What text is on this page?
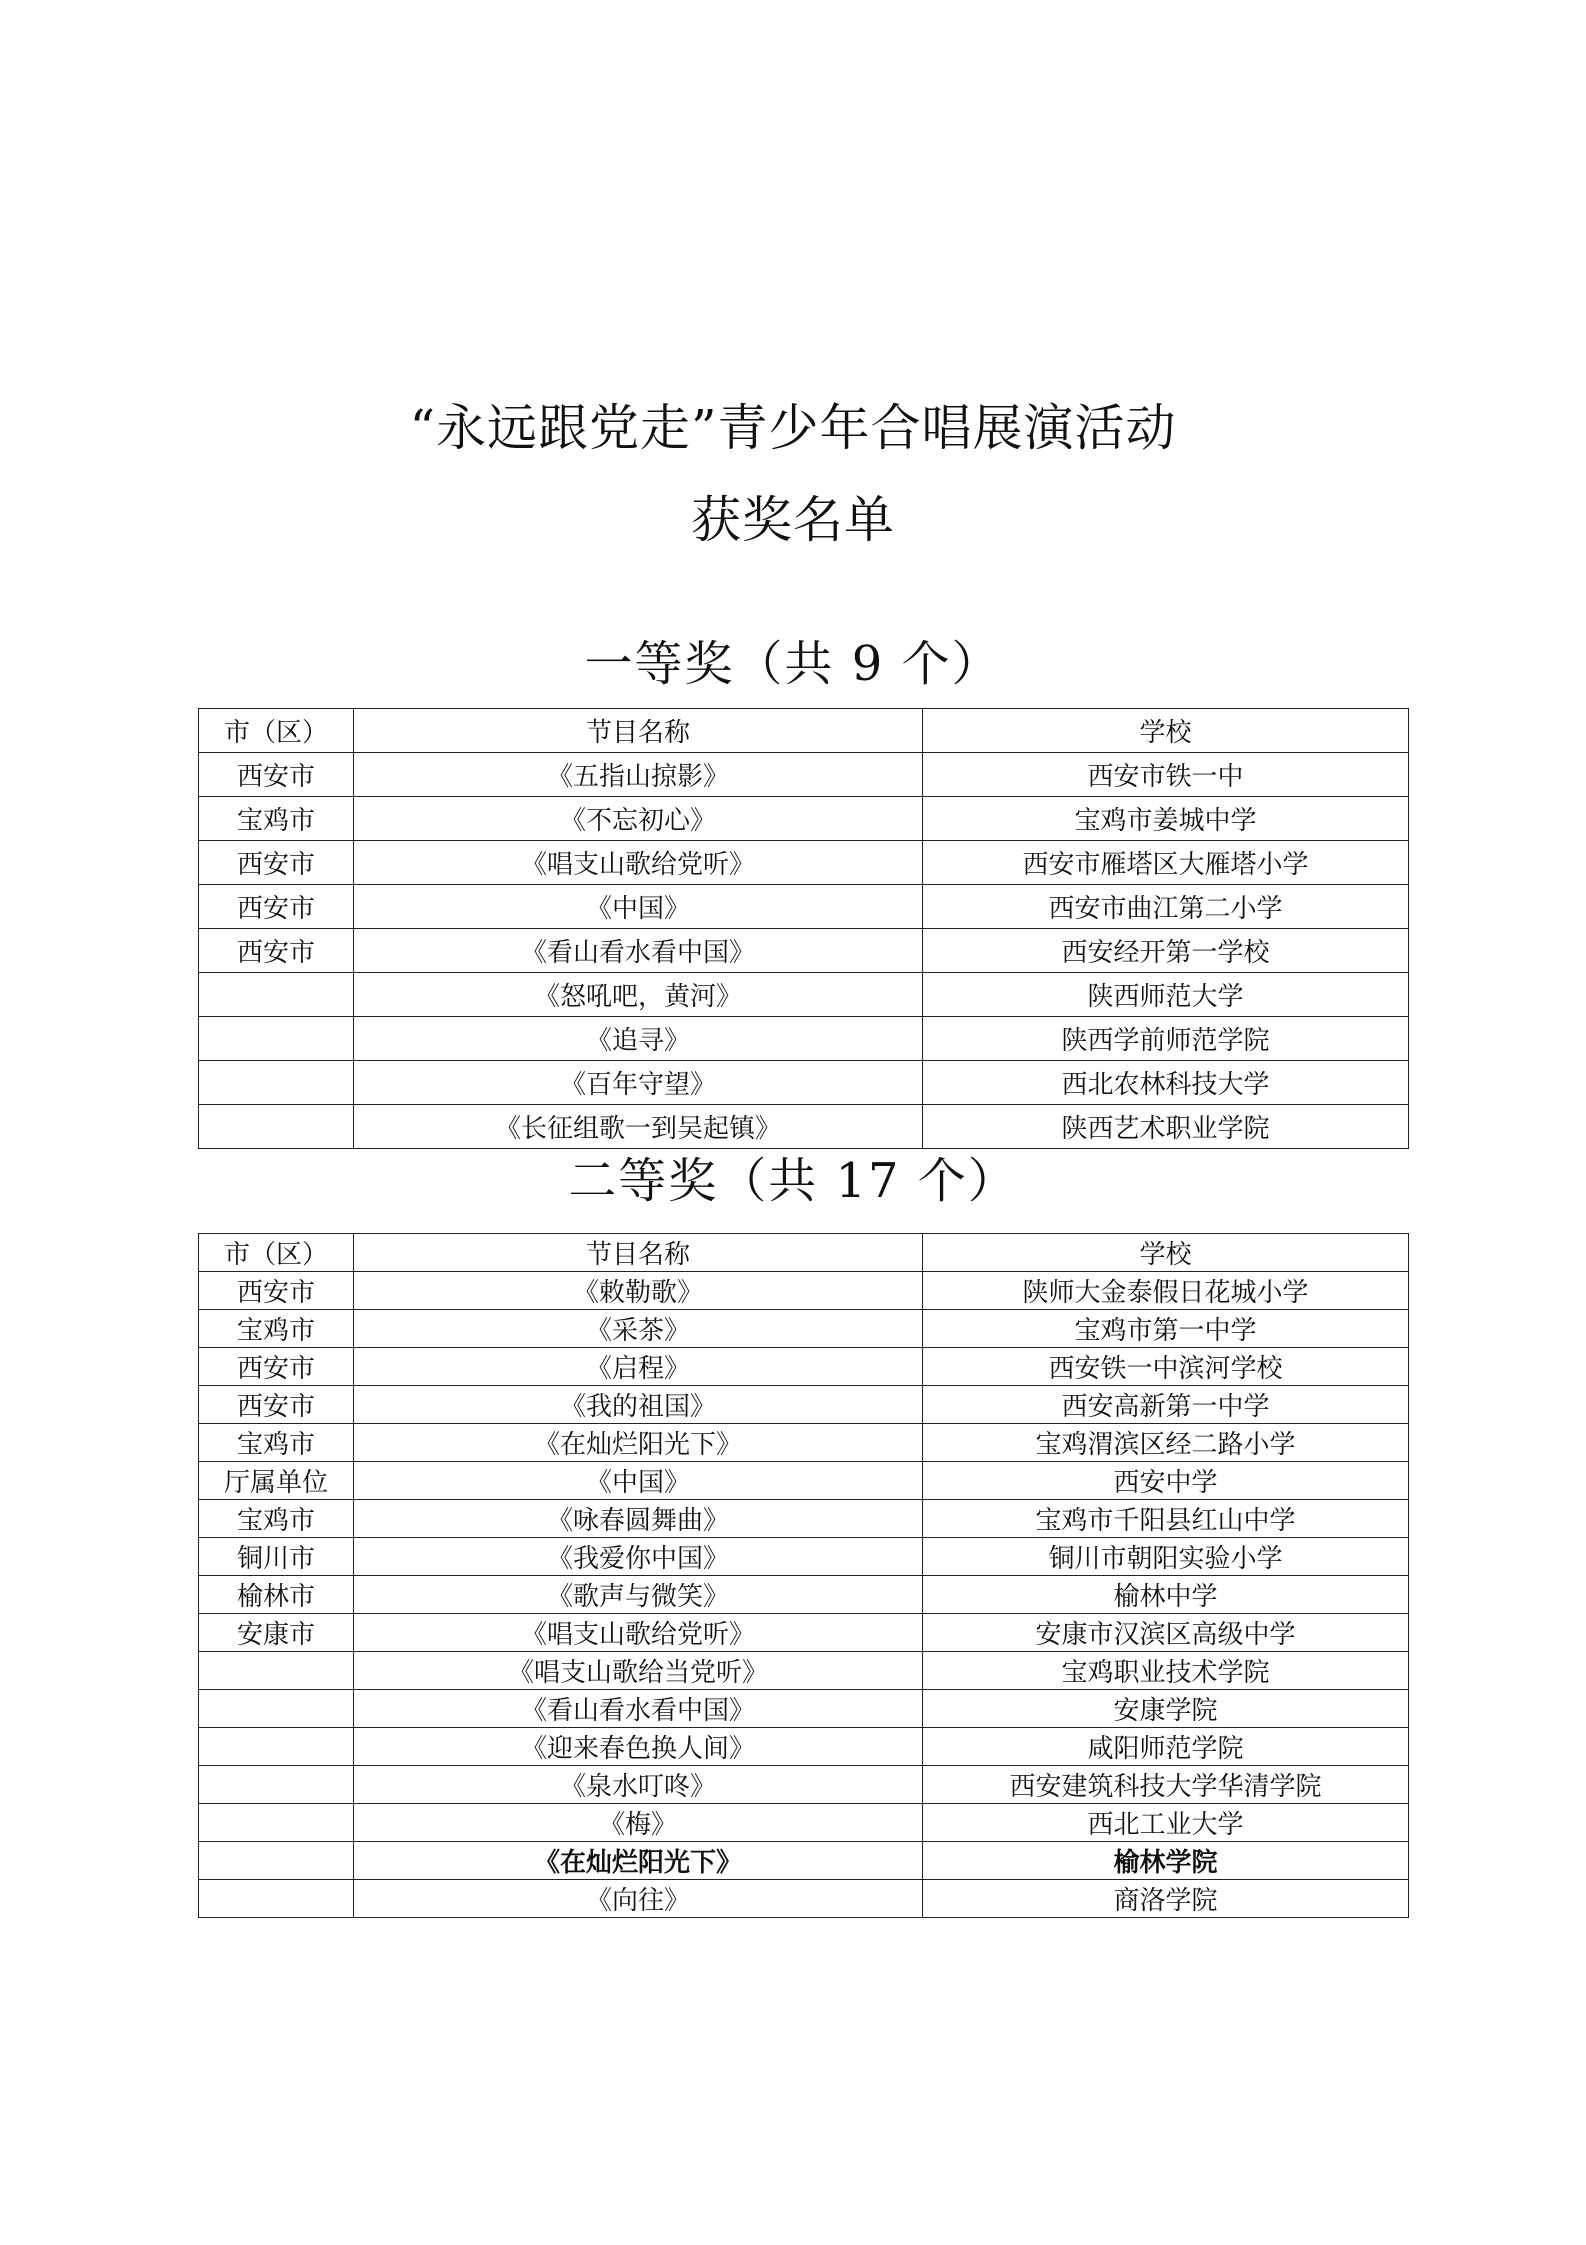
“永远跟党走”青少年合唱展演活动
获奖名单
一等奖（共 9 个）
市（区）	节目名称	学校
西安市	《五指山掠影》	西安市铁一中
宝鸡市	《不忘初心》	宝鸡市姜城中学
西安市	《唱支山歌给党听》	西安市雁塔区大雁塔小学
西安市	《中国》	西安市曲江第二小学
西安市	《看山看水看中国》	西安经开第一学校
	《怒吼吧，黄河》	陕西师范大学
	《追寻》	陕西学前师范学院
	《百年守望》	西北农林科技大学
	《长征组歌一到吴起镇》	陕西艺术职业学院
二等奖（共 17 个）
市（区）	节目名称	学校
西安市	《敕勒歌》	陕师大金泰假日花城小学
宝鸡市	《采茶》	宝鸡市第一中学
西安市	《启程》	西安铁一中滨河学校
西安市	《我的祖国》	西安高新第一中学
宝鸡市	《在灿烂阳光下》	宝鸡渭滨区经二路小学
厅属单位	《中国》	西安中学
宝鸡市	《咏春圆舞曲》	宝鸡市千阳县红山中学
铜川市	《我爱你中国》	铜川市朝阳实验小学
榆林市	《歌声与微笑》	榆林中学
安康市	《唱支山歌给党听》	安康市汉滨区高级中学
	《唱支山歌给当党听》	宝鸡职业技术学院
	《看山看水看中国》	安康学院
	《迎来春色换人间》	咸阳师范学院
	《泉水叮咚》	西安建筑科技大学华清学院
	《梅》	西北工业大学
	《在灿烂阳光下》	榆林学院
	《向往》	商洛学院
